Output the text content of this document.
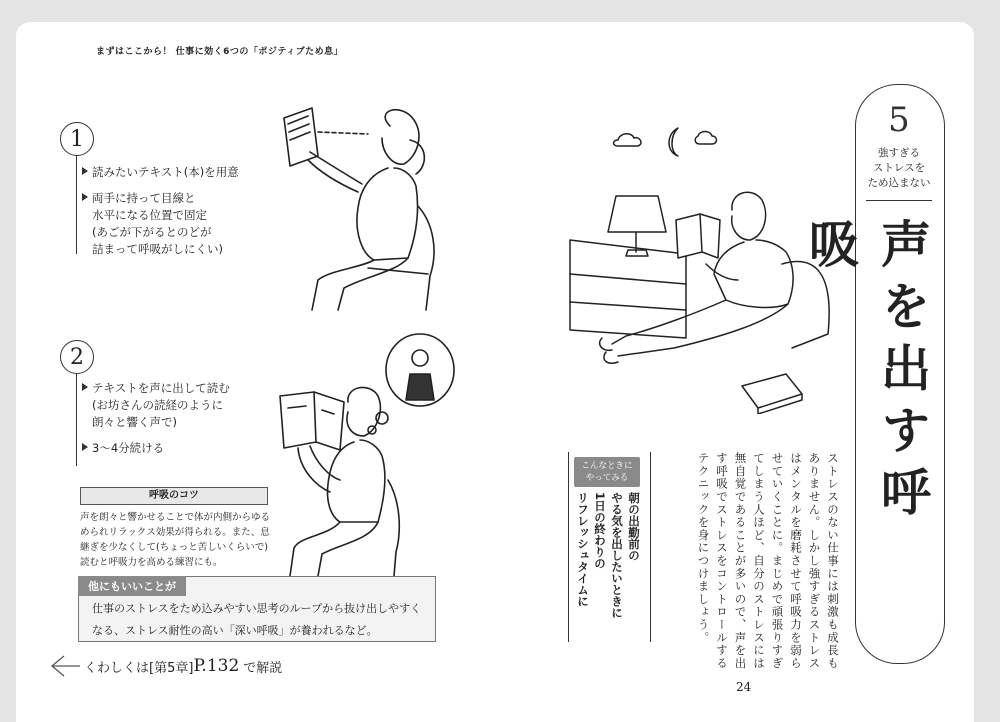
まずはここから！ 仕事に効く6つの「ポジティブため息」
1
読みたいテキスト(本)を用意
両手に持って目線と
水平になる位置で固定
(あごが下がるとのどが
詰まって呼吸がしにくい)
2
テキストを声に出して読む
(お坊さんの読経のように
朗々と響く声で)
3〜4分続ける
呼吸のコツ
声を朗々と響かせることで体が内側からゆるめられリラックス効果が得られる。また、息継ぎを少なくして(ちょっと苦しいくらいで)読むと呼吸力を高める練習にも。
他にもいいことが
仕事のストレスをため込みやすい思考のループから抜け出しやすくなる、ストレス耐性の高い「深い呼吸」が養われるなど。
くわしくは [第5章] P.132 で解説
こんなときに
やってみる
朝の出勤前の
やる気を出したいときに
1日の終わりの
リフレッシュタイムに	ストレスのない仕事には刺激も成長もありません。しかし強すぎるストレスはメンタルを磨耗させて呼吸力を弱らせていくことに。まじめで頑張りすぎてしまう人ほど、自分のストレスには無自覚であることが多いので、声を出す呼吸でストレスをコントロールするテクニックを身につけましょう。
5
強すぎる
ストレスを
ため込まない
声を出す呼吸
24
